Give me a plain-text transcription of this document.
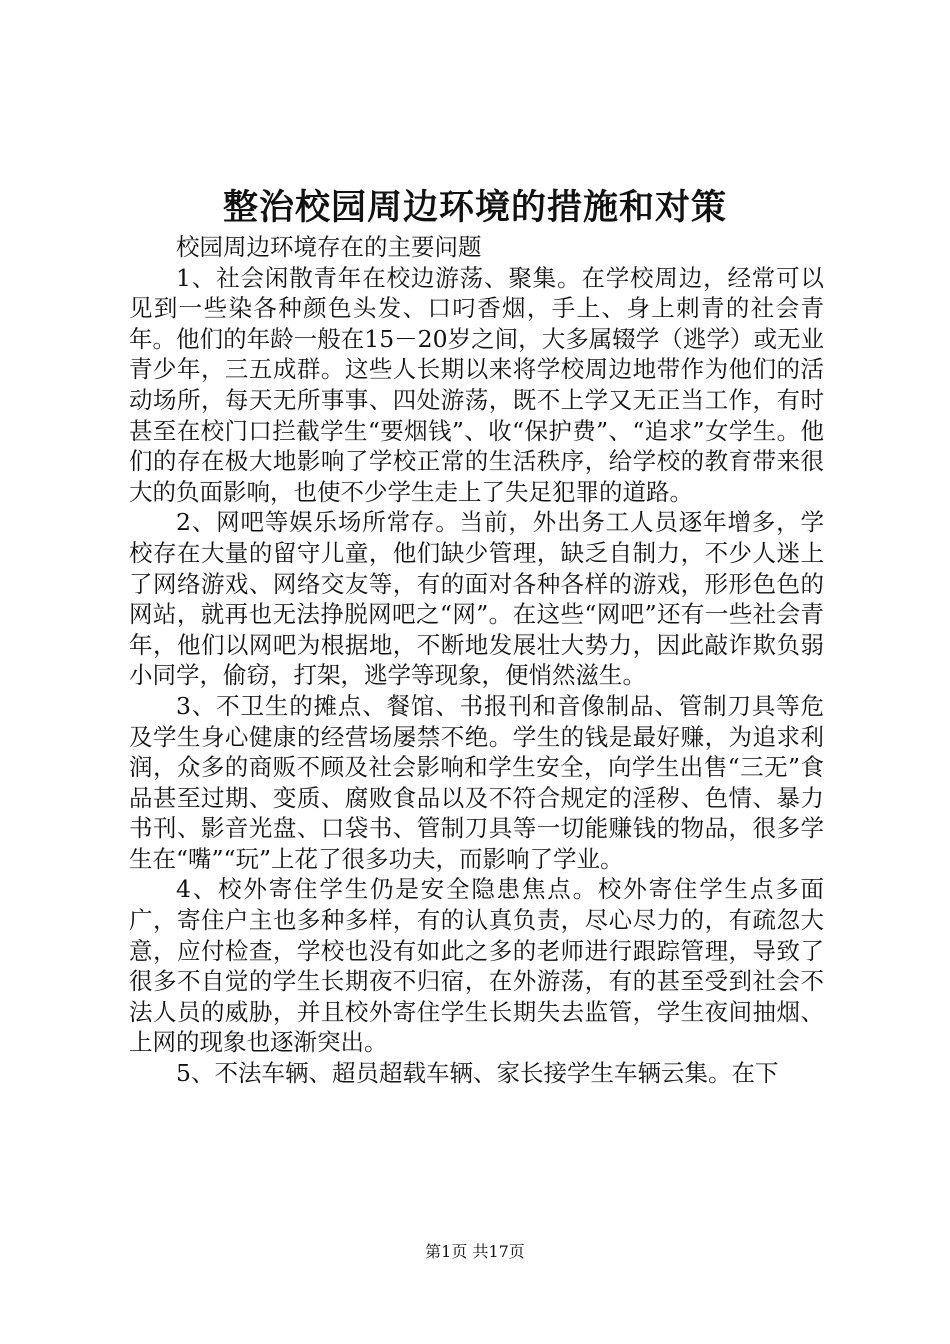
整治校园周边环境的措施和对策

校园周边环境存在的主要问题

1、社会闲散青年在校边游荡、聚集。在学校周边，经常可以见到一些染各种颜色头发、口叼香烟，手上、身上刺青的社会青年。他们的年龄一般在15－20岁之间，大多属辍学（逃学）或无业青少年，三五成群。这些人长期以来将学校周边地带作为他们的活动场所，每天无所事事、四处游荡，既不上学又无正当工作，有时甚至在校门口拦截学生“要烟钱”、收“保护费”、“追求”女学生。他们的存在极大地影响了学校正常的生活秩序，给学校的教育带来很大的负面影响，也使不少学生走上了失足犯罪的道路。

2、网吧等娱乐场所常存。当前，外出务工人员逐年增多，学校存在大量的留守儿童，他们缺少管理，缺乏自制力，不少人迷上了网络游戏、网络交友等，有的面对各种各样的游戏，形形色色的网站，就再也无法挣脱网吧之“网”。在这些“网吧”还有一些社会青年，他们以网吧为根据地，不断地发展壮大势力，因此敲诈欺负弱小同学，偷窃，打架，逃学等现象，便悄然滋生。

3、不卫生的摊点、餐馆、书报刊和音像制品、管制刀具等危及学生身心健康的经营场屡禁不绝。学生的钱是最好赚，为追求利润，众多的商贩不顾及社会影响和学生安全，向学生出售“三无”食品甚至过期、变质、腐败食品以及不符合规定的淫秽、色情、暴力书刊、影音光盘、口袋书、管制刀具等一切能赚钱的物品，很多学生在“嘴”“玩”上花了很多功夫，而影响了学业。

4、校外寄住学生仍是安全隐患焦点。校外寄住学生点多面广，寄住户主也多种多样，有的认真负责，尽心尽力的，有疏忽大意，应付检查，学校也没有如此之多的老师进行跟踪管理，导致了很多不自觉的学生长期夜不归宿，在外游荡，有的甚至受到社会不法人员的威胁，并且校外寄住学生长期失去监管，学生夜间抽烟、上网的现象也逐渐突出。

5、不法车辆、超员超载车辆、家长接学生车辆云集。在下

第1页 共17页
